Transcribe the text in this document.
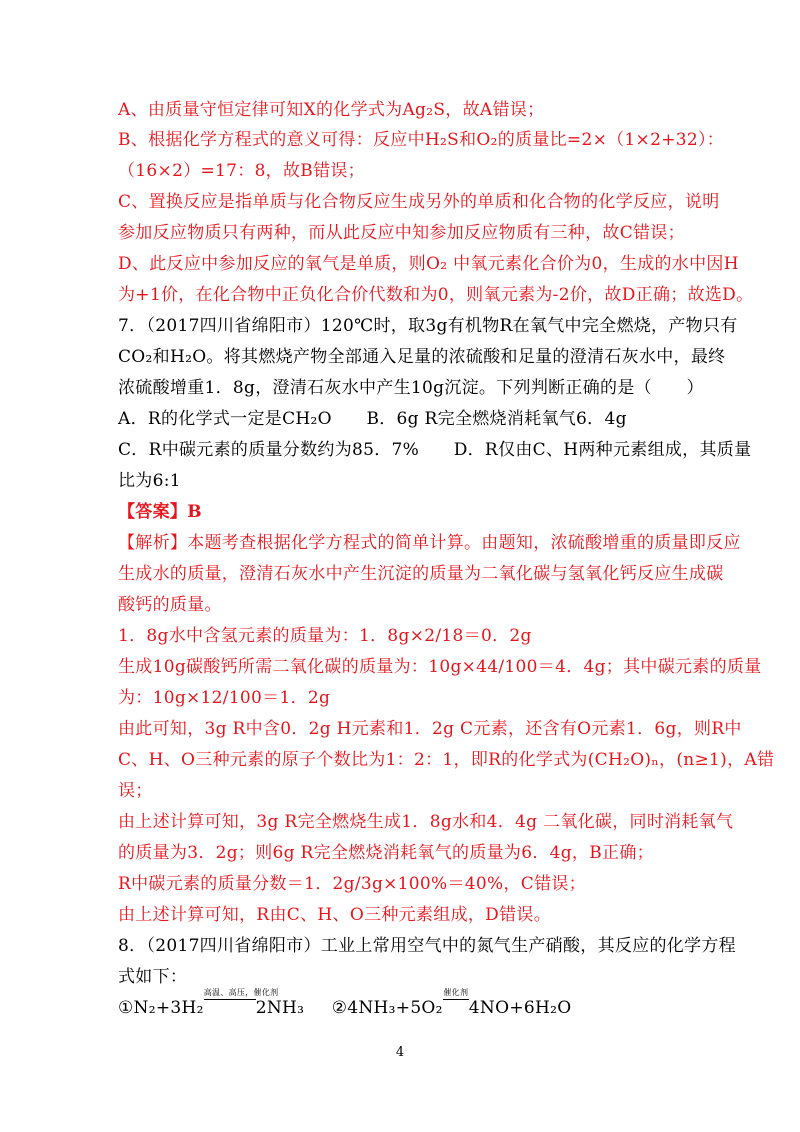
A、由质量守恒定律可知X的化学式为Ag₂S，故A错误；
B、根据化学方程式的意义可得：反应中H₂S和O₂的质量比=2×（1×2+32）：
（16×2）=17：8，故B错误；
C、置换反应是指单质与化合物反应生成另外的单质和化合物的化学反应，说明
参加反应物质只有两种，而从此反应中知参加反应物质有三种，故C错误；
D、此反应中参加反应的氧气是单质，则O₂ 中氧元素化合价为0，生成的水中因H
为+1价，在化合物中正负化合价代数和为0，则氧元素为-2价，故D正确；故选D。
7．（2017四川省绵阳市）120℃时，取3g有机物R在氧气中完全燃烧，产物只有
CO₂和H₂O。将其燃烧产物全部通入足量的浓硫酸和足量的澄清石灰水中，最终
浓硫酸增重1．8g，澄清石灰水中产生10g沉淀。下列判断正确的是（　　）
A．R的化学式一定是CH₂O　　B．6g R完全燃烧消耗氧气6．4g
C．R中碳元素的质量分数约为85．7%　　D．R仅由C、H两种元素组成，其质量
比为6:1
【答案】B
【解析】本题考查根据化学方程式的简单计算。由题知，浓硫酸增重的质量即反应
生成水的质量，澄清石灰水中产生沉淀的质量为二氧化碳与氢氧化钙反应生成碳
酸钙的质量。
1．8g水中含氢元素的质量为：1．8g×2/18＝0．2g
生成10g碳酸钙所需二氧化碳的质量为：10g×44/100＝4．4g；其中碳元素的质量
为：10g×12/100＝1．2g
由此可知，3g R中含0．2g H元素和1．2g C元素，还含有O元素1．6g，则R中
C、H、O三种元素的原子个数比为1：2：1，即R的化学式为(CH₂O)ₙ，(n≥1)，A错
误；
由上述计算可知，3g R完全燃烧生成1．8g水和4．4g 二氧化碳，同时消耗氧气
的质量为3．2g；则6g R完全燃烧消耗氧气的质量为6．4g，B正确；
R中碳元素的质量分数＝1．2g/3g×100%＝40%，C错误；
由上述计算可知，R由C、H、O三种元素组成，D错误。
8．（2017四川省绵阳市）工业上常用空气中的氮气生产硝酸，其反应的化学方程
式如下：
①N₂+3H₂
高温、高压，催化剂
2NH₃ ②4NH₃+5O₂
催化剂
4NO+6H₂O
4
